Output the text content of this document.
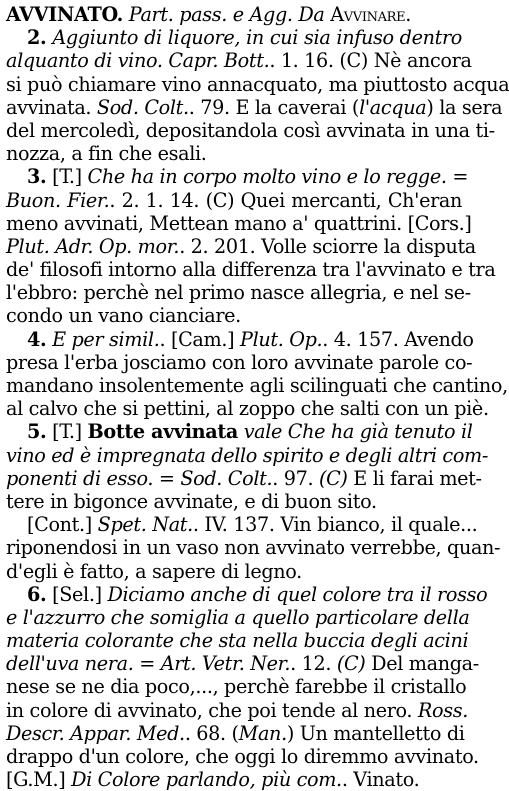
AVVINATO. Part. pass. e Agg. Da Avvinare.
2. Aggiunto di liquore, in cui sia infuso dentro
alquanto di vino. Capr. Bott.. 1. 16. (C) Nè ancora
si può chiamare vino annacquato, ma piuttosto acqua
avvinata. Sod. Colt.. 79. E la caverai (l'acqua) la sera
del mercoledì, depositandola così avvinata in una ti-
nozza, a fin che esali.
3. [T.] Che ha in corpo molto vino e lo regge. =
Buon. Fier.. 2. 1. 14. (C) Quei mercanti, Ch'eran
meno avvinati, Mettean mano a' quattrini. [Cors.]
Plut. Adr. Op. mor.. 2. 201. Volle sciorre la disputa
de' filosofi intorno alla differenza tra l'avvinato e tra
l'ebbro: perchè nel primo nasce allegria, e nel se-
condo un vano cianciare.
4. E per simil.. [Cam.] Plut. Op.. 4. 157. Avendo
presa l'erba josciamo con loro avvinate parole co-
mandano insolentemente agli scilinguati che cantino,
al calvo che si pettini, al zoppo che salti con un piè.
5. [T.] Botte avvinata vale Che ha già tenuto il
vino ed è impregnata dello spirito e degli altri com-
ponenti di esso. = Sod. Colt.. 97. (C) E li farai met-
tere in bigonce avvinate, e di buon sito.
[Cont.] Spet. Nat.. IV. 137. Vin bianco, il quale...
riponendosi in un vaso non avvinato verrebbe, quan-
d'egli è fatto, a sapere di legno.
6. [Sel.] Diciamo anche di quel colore tra il rosso
e l'azzurro che somiglia a quello particolare della
materia colorante che sta nella buccia degli acini
dell'uva nera. = Art. Vetr. Ner.. 12. (C) Del manga-
nese se ne dia poco,..., perchè farebbe il cristallo
in colore di avvinato, che poi tende al nero. Ross.
Descr. Appar. Med.. 68. (Man.) Un mantelletto di
drappo d'un colore, che oggi lo diremmo avvinato.
[G.M.] Di Colore parlando, più com.. Vinato.
